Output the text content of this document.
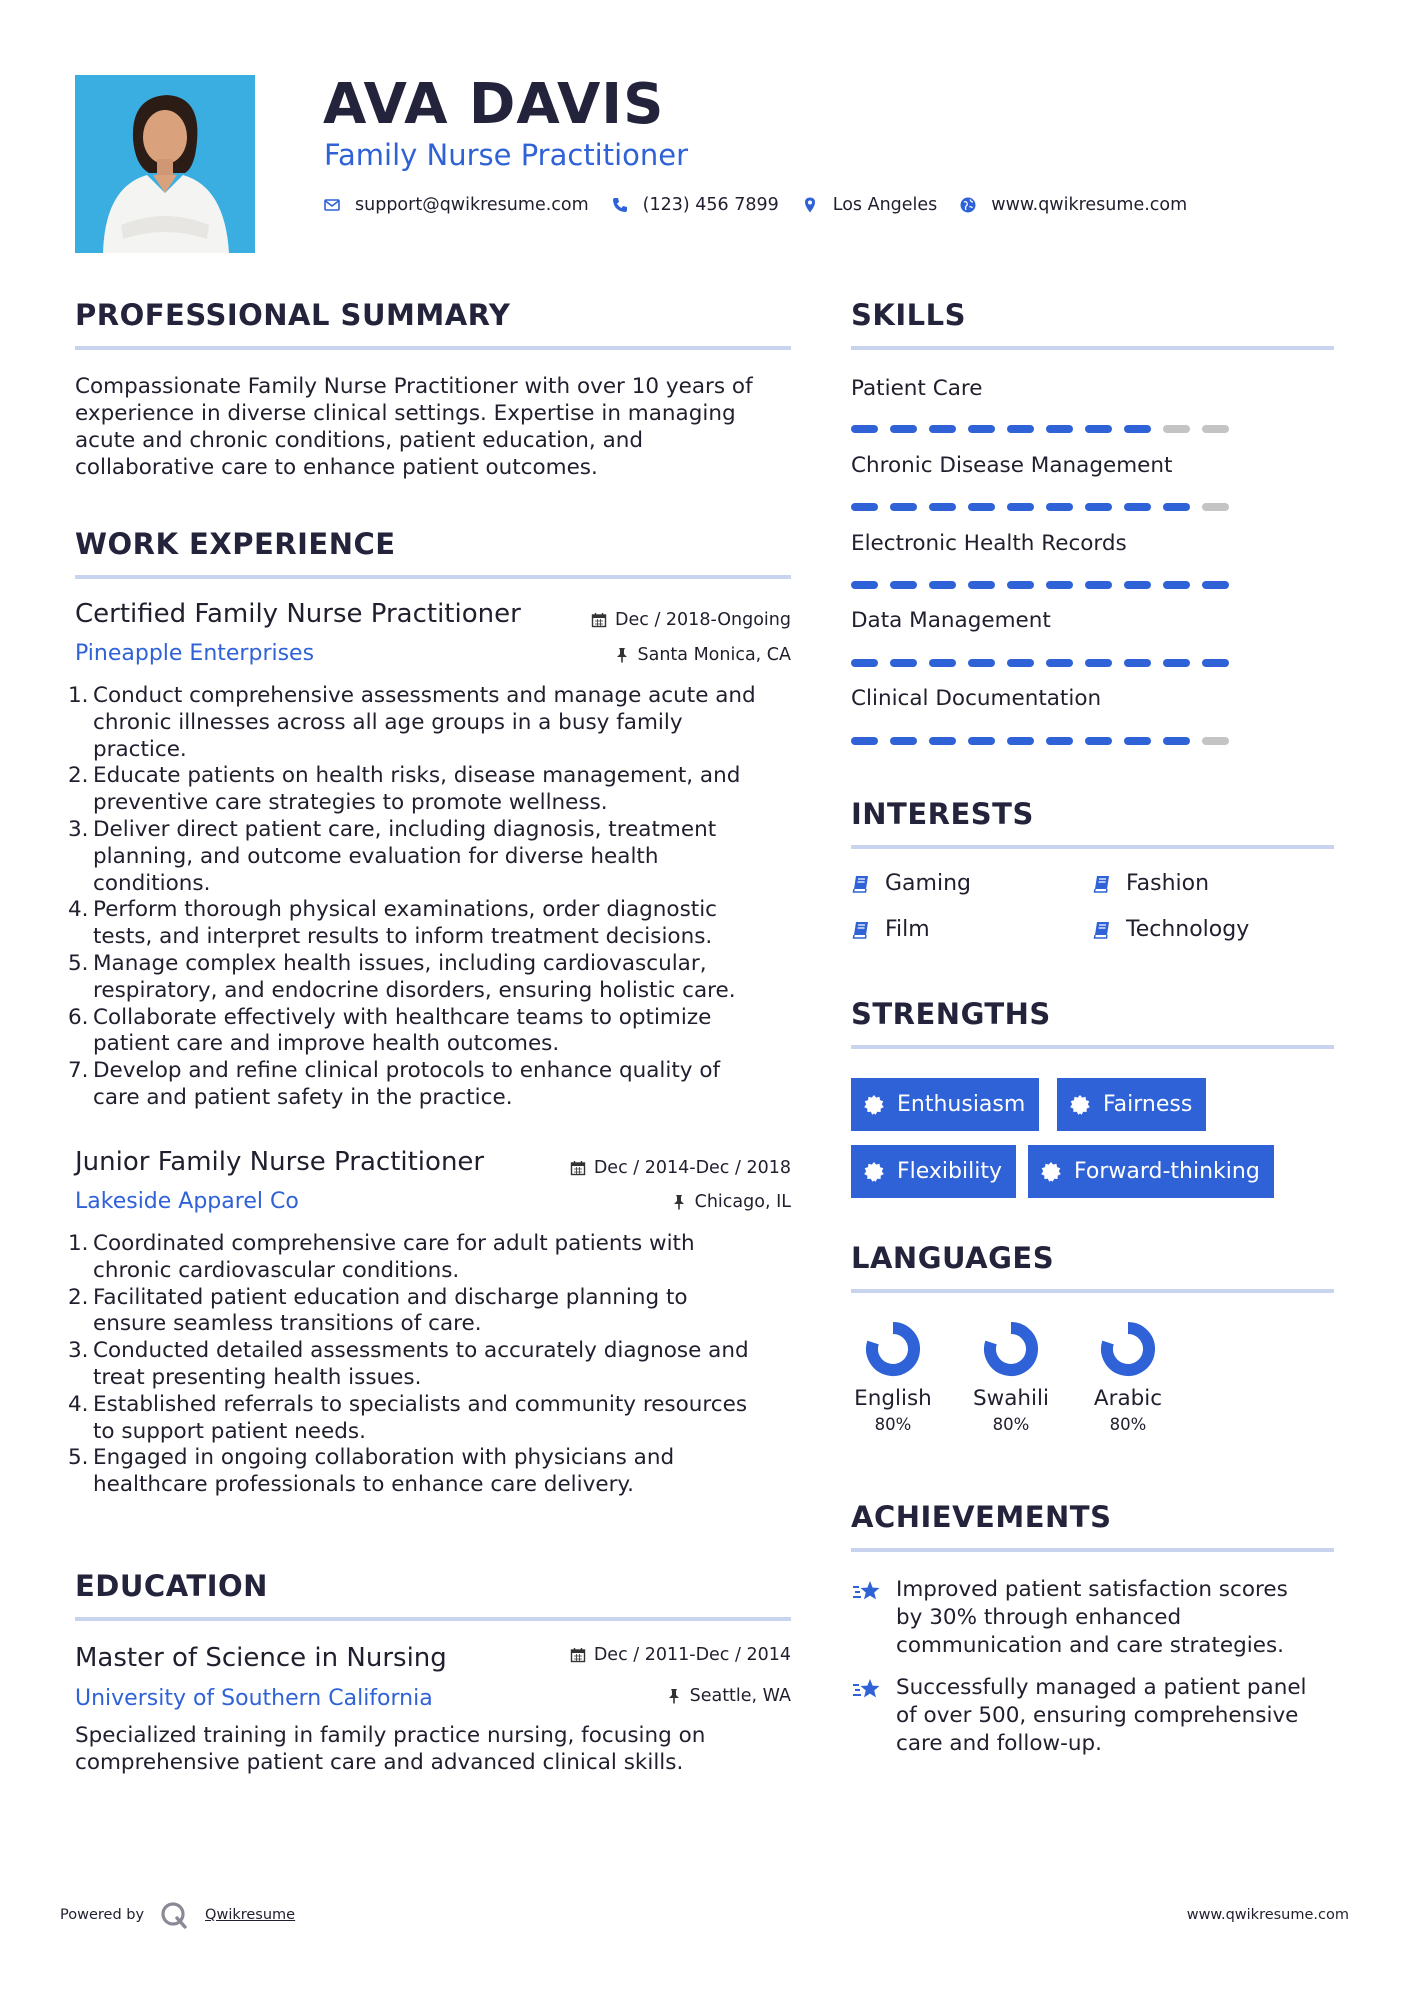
AVA DAVIS
Family Nurse Practitioner
support@qwikresume.com	(123) 456 7899	Los Angeles	www.qwikresume.com
PROFESSIONAL SUMMARY
Compassionate Family Nurse Practitioner with over 10 years of
experience in diverse clinical settings. Expertise in managing
acute and chronic conditions, patient education, and
collaborative care to enhance patient outcomes.
WORK EXPERIENCE
Certified Family Nurse Practitioner	Dec / 2018-Ongoing
Pineapple Enterprises	Santa Monica, CA
1. Conduct comprehensive assessments and manage acute and
chronic illnesses across all age groups in a busy family
practice.
2. Educate patients on health risks, disease management, and
preventive care strategies to promote wellness.
3. Deliver direct patient care, including diagnosis, treatment
planning, and outcome evaluation for diverse health
conditions.
4. Perform thorough physical examinations, order diagnostic
tests, and interpret results to inform treatment decisions.
5. Manage complex health issues, including cardiovascular,
respiratory, and endocrine disorders, ensuring holistic care.
6. Collaborate effectively with healthcare teams to optimize
patient care and improve health outcomes.
7. Develop and refine clinical protocols to enhance quality of
care and patient safety in the practice.
Junior Family Nurse Practitioner	Dec / 2014-Dec / 2018
Lakeside Apparel Co	Chicago, IL
1. Coordinated comprehensive care for adult patients with
chronic cardiovascular conditions.
2. Facilitated patient education and discharge planning to
ensure seamless transitions of care.
3. Conducted detailed assessments to accurately diagnose and
treat presenting health issues.
4. Established referrals to specialists and community resources
to support patient needs.
5. Engaged in ongoing collaboration with physicians and
healthcare professionals to enhance care delivery.
EDUCATION
Master of Science in Nursing	Dec / 2011-Dec / 2014
University of Southern California	Seattle, WA
Specialized training in family practice nursing, focusing on
comprehensive patient care and advanced clinical skills.
SKILLS
Patient Care
Chronic Disease Management
Electronic Health Records
Data Management
Clinical Documentation
INTERESTS
Gaming	Fashion
Film	Technology
STRENGTHS
Enthusiasm	Fairness
Flexibility	Forward-thinking
LANGUAGES
English
80%
Swahili
80%
Arabic
80%
ACHIEVEMENTS
Improved patient satisfaction scores
by 30% through enhanced
communication and care strategies.
Successfully managed a patient panel
of over 500, ensuring comprehensive
care and follow-up.
Powered by	Qwikresume	www.qwikresume.com
